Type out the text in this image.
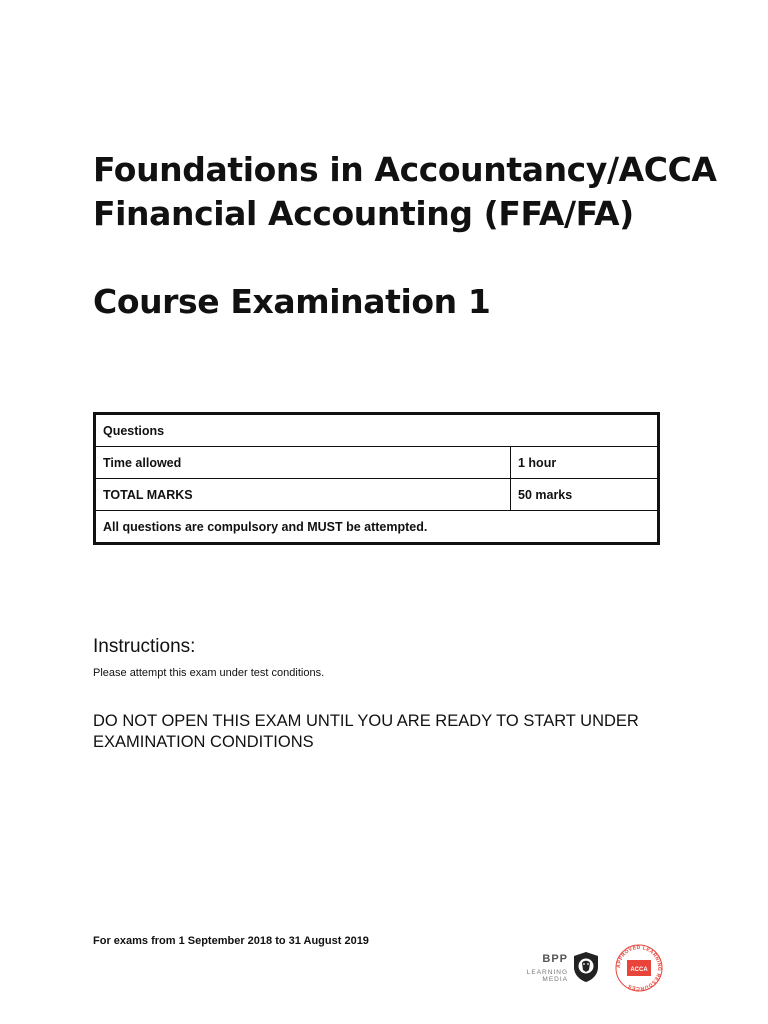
Foundations in Accountancy/ACCA

Financial Accounting (FFA/FA)

Course Examination 1

Questions	
Time allowed	1 hour
TOTAL MARKS	50 marks
All questions are compulsory and MUST be attempted.	

Instructions:

Please attempt this exam under test conditions.

DO NOT OPEN THIS EXAM UNTIL YOU ARE READY TO START UNDER EXAMINATION CONDITIONS

For exams from 1 September 2018 to 31 August 2019

BPP
LEARNING MEDIA
APPROVED LEARNING RESOURCES
ACCA
